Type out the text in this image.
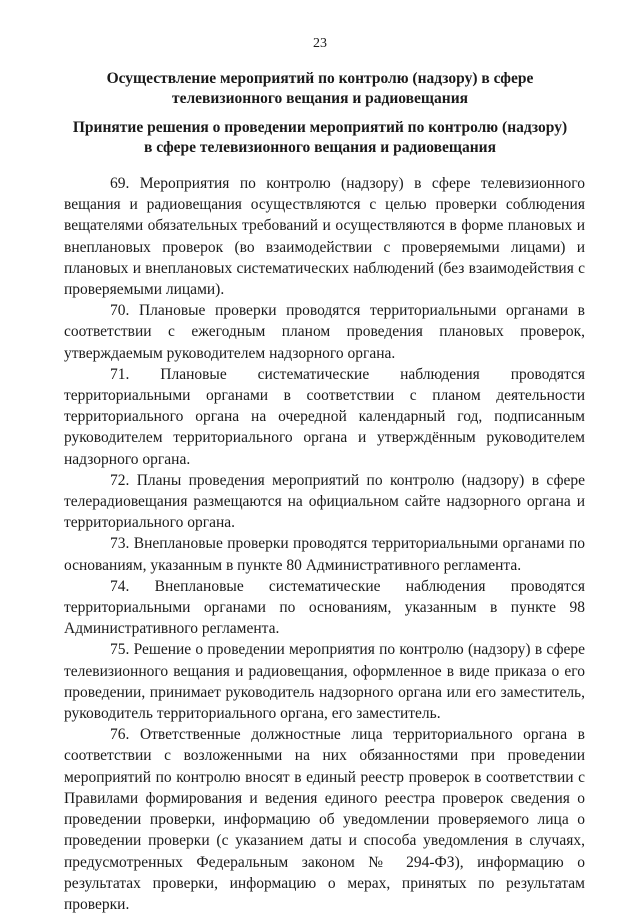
23
Осуществление мероприятий по контролю (надзору) в сфере телевизионного вещания и радиовещания
Принятие решения о проведении мероприятий по контролю (надзору) в сфере телевизионного вещания и радиовещания

69. Мероприятия по контролю (надзору) в сфере телевизионного вещания и радиовещания осуществляются с целью проверки соблюдения вещателями обязательных требований и осуществляются в форме плановых и внеплановых проверок (во взаимодействии с проверяемыми лицами) и плановых и внеплановых систематических наблюдений (без взаимодействия с проверяемыми лицами).

70. Плановые проверки проводятся территориальными органами в соответствии с ежегодным планом проведения плановых проверок, утверждаемым руководителем надзорного органа.

71. Плановые систематические наблюдения проводятся территориальными органами в соответствии с планом деятельности территориального органа на очередной календарный год, подписанным руководителем территориального органа и утверждённым руководителем надзорного органа.

72. Планы проведения мероприятий по контролю (надзору) в сфере телерадиовещания размещаются на официальном сайте надзорного органа и территориального органа.

73. Внеплановые проверки проводятся территориальными органами по основаниям, указанным в пункте 80 Административного регламента.

74. Внеплановые систематические наблюдения проводятся территориальными органами по основаниям, указанным в пункте 98 Административного регламента.

75. Решение о проведении мероприятия по контролю (надзору) в сфере телевизионного вещания и радиовещания, оформленное в виде приказа о его проведении, принимает руководитель надзорного органа или его заместитель, руководитель территориального органа, его заместитель.

76. Ответственные должностные лица территориального органа в соответствии с возложенными на них обязанностями при проведении мероприятий по контролю вносят в единый реестр проверок в соответствии с Правилами формирования и ведения единого реестра проверок сведения о проведении проверки, информацию об уведомлении проверяемого лица о проведении проверки (с указанием даты и способа уведомления в случаях, предусмотренных Федеральным законом № 294-ФЗ), информацию о результатах проверки, информацию о мерах, принятых по результатам проверки.
